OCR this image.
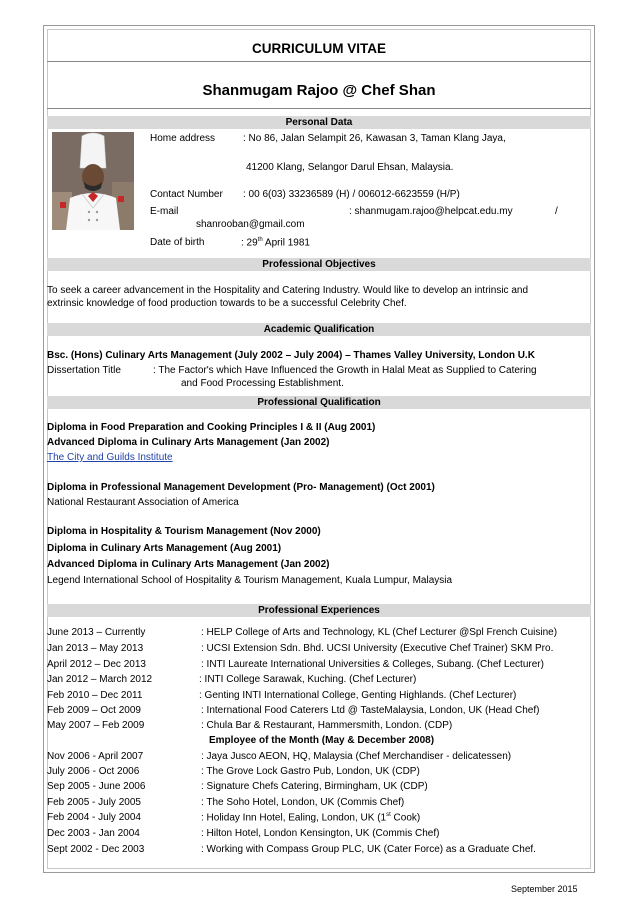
CURRICULUM VITAE
Shanmugam Rajoo @ Chef Shan
Personal Data
Home address	: No 86, Jalan Selampit 26, Kawasan 3, Taman Klang Jaya,
41200 Klang, Selangor Darul Ehsan, Malaysia.
Contact Number : 00 6(03) 33236589 (H) / 006012-6623559 (H/P)
E-mail	: shanmugam.rajoo@helpcat.edu.my	/
shanrooban@gmail.com
Date of birth	: 29th April 1981
Professional Objectives
To seek a career advancement in the Hospitality and Catering Industry. Would like to develop an intrinsic and
extrinsic knowledge of food production towards to be a successful Celebrity Chef.
Academic Qualification
Bsc. (Hons) Culinary Arts Management (July 2002 – July 2004) – Thames Valley University, London U.K
Dissertation Title	: The Factor's which Have Influenced the Growth in Halal Meat as Supplied to Catering
and Food Processing Establishment.
Professional Qualification
Diploma in Food Preparation and Cooking Principles I & II (Aug 2001)
Advanced Diploma in Culinary Arts Management (Jan 2002)
The City and Guilds Institute
Diploma in Professional Management Development (Pro- Management) (Oct 2001)
National Restaurant Association of America
Diploma in Hospitality & Tourism Management (Nov 2000)
Diploma in Culinary Arts Management (Aug 2001)
Advanced Diploma in Culinary Arts Management (Jan 2002)
Legend International School of Hospitality & Tourism Management, Kuala Lumpur, Malaysia
Professional Experiences
June 2013 – Currently	: HELP College of Arts and Technology, KL (Chef Lecturer @Spl French Cuisine)
Jan 2013 – May 2013	: UCSI Extension Sdn. Bhd. UCSI University (Executive Chef Trainer) SKM Pro.
April 2012 – Dec 2013	: INTI Laureate International Universities & Colleges, Subang. (Chef Lecturer)
Jan 2012 – March 2012	: INTI College Sarawak, Kuching. (Chef Lecturer)
Feb 2010 – Dec 2011	: Genting INTI International College, Genting Highlands. (Chef Lecturer)
Feb 2009 – Oct 2009	: International Food Caterers Ltd @ TasteMalaysia, London, UK (Head Chef)
May 2007 – Feb 2009	: Chula Bar & Restaurant, Hammersmith, London. (CDP)
Employee of the Month (May & December 2008)
Nov 2006 - April 2007	: Jaya Jusco AEON, HQ, Malaysia (Chef Merchandiser - delicatessen)
July 2006 - Oct 2006	: The Grove Lock Gastro Pub, London, UK (CDP)
Sep 2005 - June 2006	: Signature Chefs Catering, Birmingham, UK (CDP)
Feb 2005 - July 2005	: The Soho Hotel, London, UK (Commis Chef)
Feb 2004 - July 2004	: Holiday Inn Hotel, Ealing, London, UK (1st Cook)
Dec 2003 - Jan 2004	: Hilton Hotel, London Kensington, UK (Commis Chef)
Sept 2002 - Dec 2003	: Working with Compass Group PLC, UK (Cater Force) as a Graduate Chef.
September 2015
